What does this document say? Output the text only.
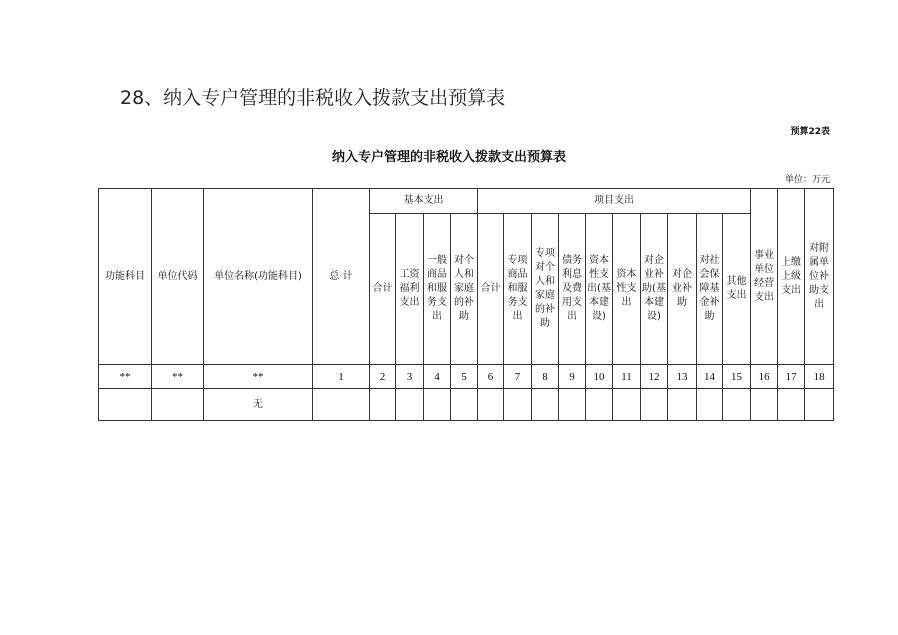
28、纳入专户管理的非税收入拨款支出预算表
预算22表
纳入专户管理的非税收入拨款支出预算表
单位：万元
功能科目	单位代码	单位名称(功能科目)	总 计	基本支出				项目支出										事业单位经营支出	上缴上级支出	对附属单位补助支出
				合计	工资福利支出	一般商品和服务支出	对个人和家庭的补助	合计	专项商品和服务支出	专项对个人和家庭的补助	债务利息及费用支出	资本性支出(基本建设)	资本性支出	对企业补助(基本建设)	对企业补助	对社会保障基金补助	其他支出			
**	**	**	1	2	3	4	5	6	7	8	9	10	11	12	13	14	15	16	17	18
		无																		
